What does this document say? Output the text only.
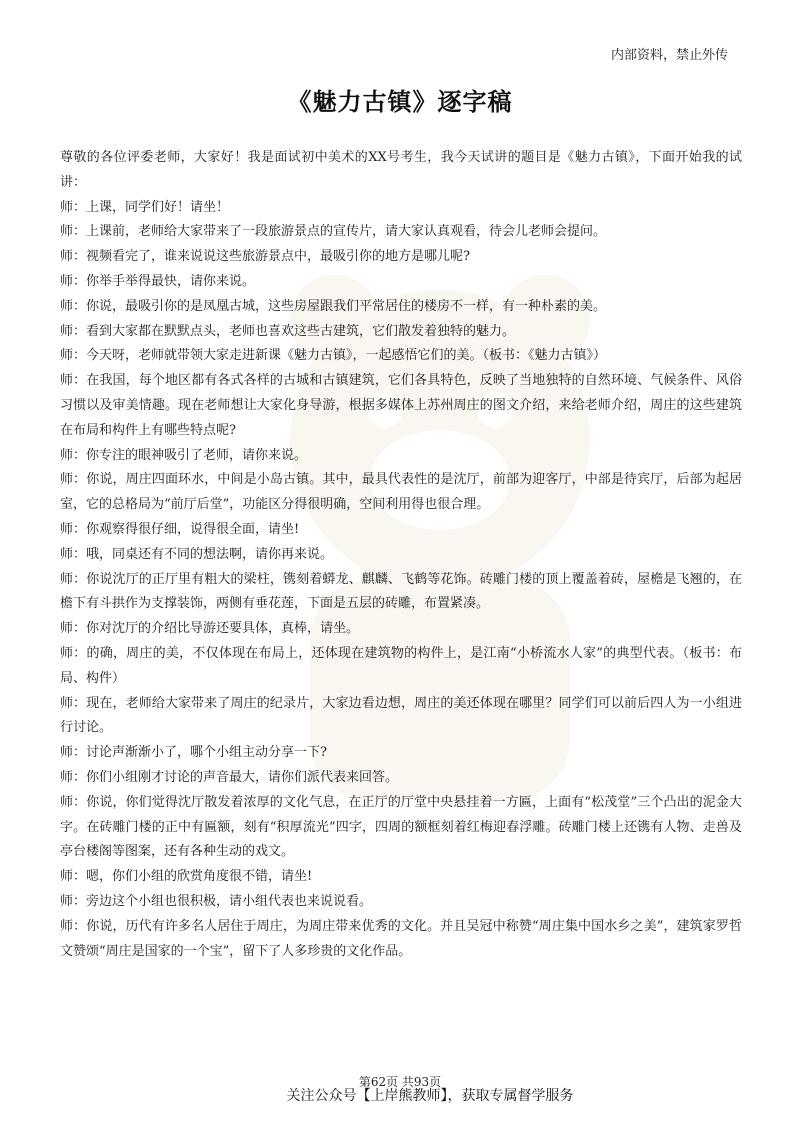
内部资料，禁止外传
《魅力古镇》逐字稿

尊敬的各位评委老师，大家好！我是面试初中美术的XX号考生，我今天试讲的题目是《魅力古镇》，下面开始我的试讲：

师：上课，同学们好！请坐！

师：上课前，老师给大家带来了一段旅游景点的宣传片，请大家认真观看，待会儿老师会提问。

师：视频看完了，谁来说说这些旅游景点中，最吸引你的地方是哪儿呢?

师：你举手举得最快，请你来说。

师：你说，最吸引你的是凤凰古城，这些房屋跟我们平常居住的楼房不一样，有一种朴素的美。

师：看到大家都在默默点头，老师也喜欢这些古建筑，它们散发着独特的魅力。

师：今天呀，老师就带领大家走进新课《魅力古镇》，一起感悟它们的美。（板书：《魅力古镇》）

师：在我国，每个地区都有各式各样的古城和古镇建筑，它们各具特色，反映了当地独特的自然环境、气候条件、风俗习惯以及审美情趣。现在老师想让大家化身导游，根据多媒体上苏州周庄的图文介绍，来给老师介绍，周庄的这些建筑在布局和构件上有哪些特点呢?

师：你专注的眼神吸引了老师，请你来说。

师：你说，周庄四面环水，中间是小岛古镇。其中，最具代表性的是沈厅，前部为迎客厅，中部是待宾厅，后部为起居室，它的总格局为“前厅后堂”，功能区分得很明确，空间利用得也很合理。

师：你观察得很仔细，说得很全面，请坐!

师：哦，同桌还有不同的想法啊，请你再来说。

师：你说沈厅的正厅里有粗大的梁柱，镌刻着蟒龙、麒麟、飞鹤等花饰。砖雕门楼的顶上覆盖着砖，屋檐是飞翘的，在檐下有斗拱作为支撑装饰，两侧有垂花莲，下面是五层的砖雕，布置紧凑。

师：你对沈厅的介绍比导游还要具体，真棒，请坐。

师：的确，周庄的美，不仅体现在布局上，还体现在建筑物的构件上，是江南“小桥流水人家”的典型代表。（板书：布局、构件）

师：现在，老师给大家带来了周庄的纪录片，大家边看边想，周庄的美还体现在哪里？同学们可以前后四人为一小组进行讨论。

师：讨论声渐渐小了，哪个小组主动分享一下?

师：你们小组刚才讨论的声音最大，请你们派代表来回答。

师：你说，你们觉得沈厅散发着浓厚的文化气息，在正厅的厅堂中央悬挂着一方匾，上面有“松茂堂”三个凸出的泥金大字。在砖雕门楼的正中有匾额，刻有“积厚流光”四字，四周的额框刻着红梅迎春浮雕。砖雕门楼上还镌有人物、走兽及亭台楼阁等图案，还有各种生动的戏文。

师：嗯，你们小组的欣赏角度很不错，请坐!

师：旁边这个小组也很积极，请小组代表也来说说看。

师：你说，历代有许多名人居住于周庄，为周庄带来优秀的文化。并且吴冠中称赞“周庄集中国水乡之美”，建筑家罗哲文赞颂“周庄是国家的一个宝”，留下了人多珍贵的文化作品。

第62页 共93页
关注公众号【上岸熊教师】，获取专属督学服务
